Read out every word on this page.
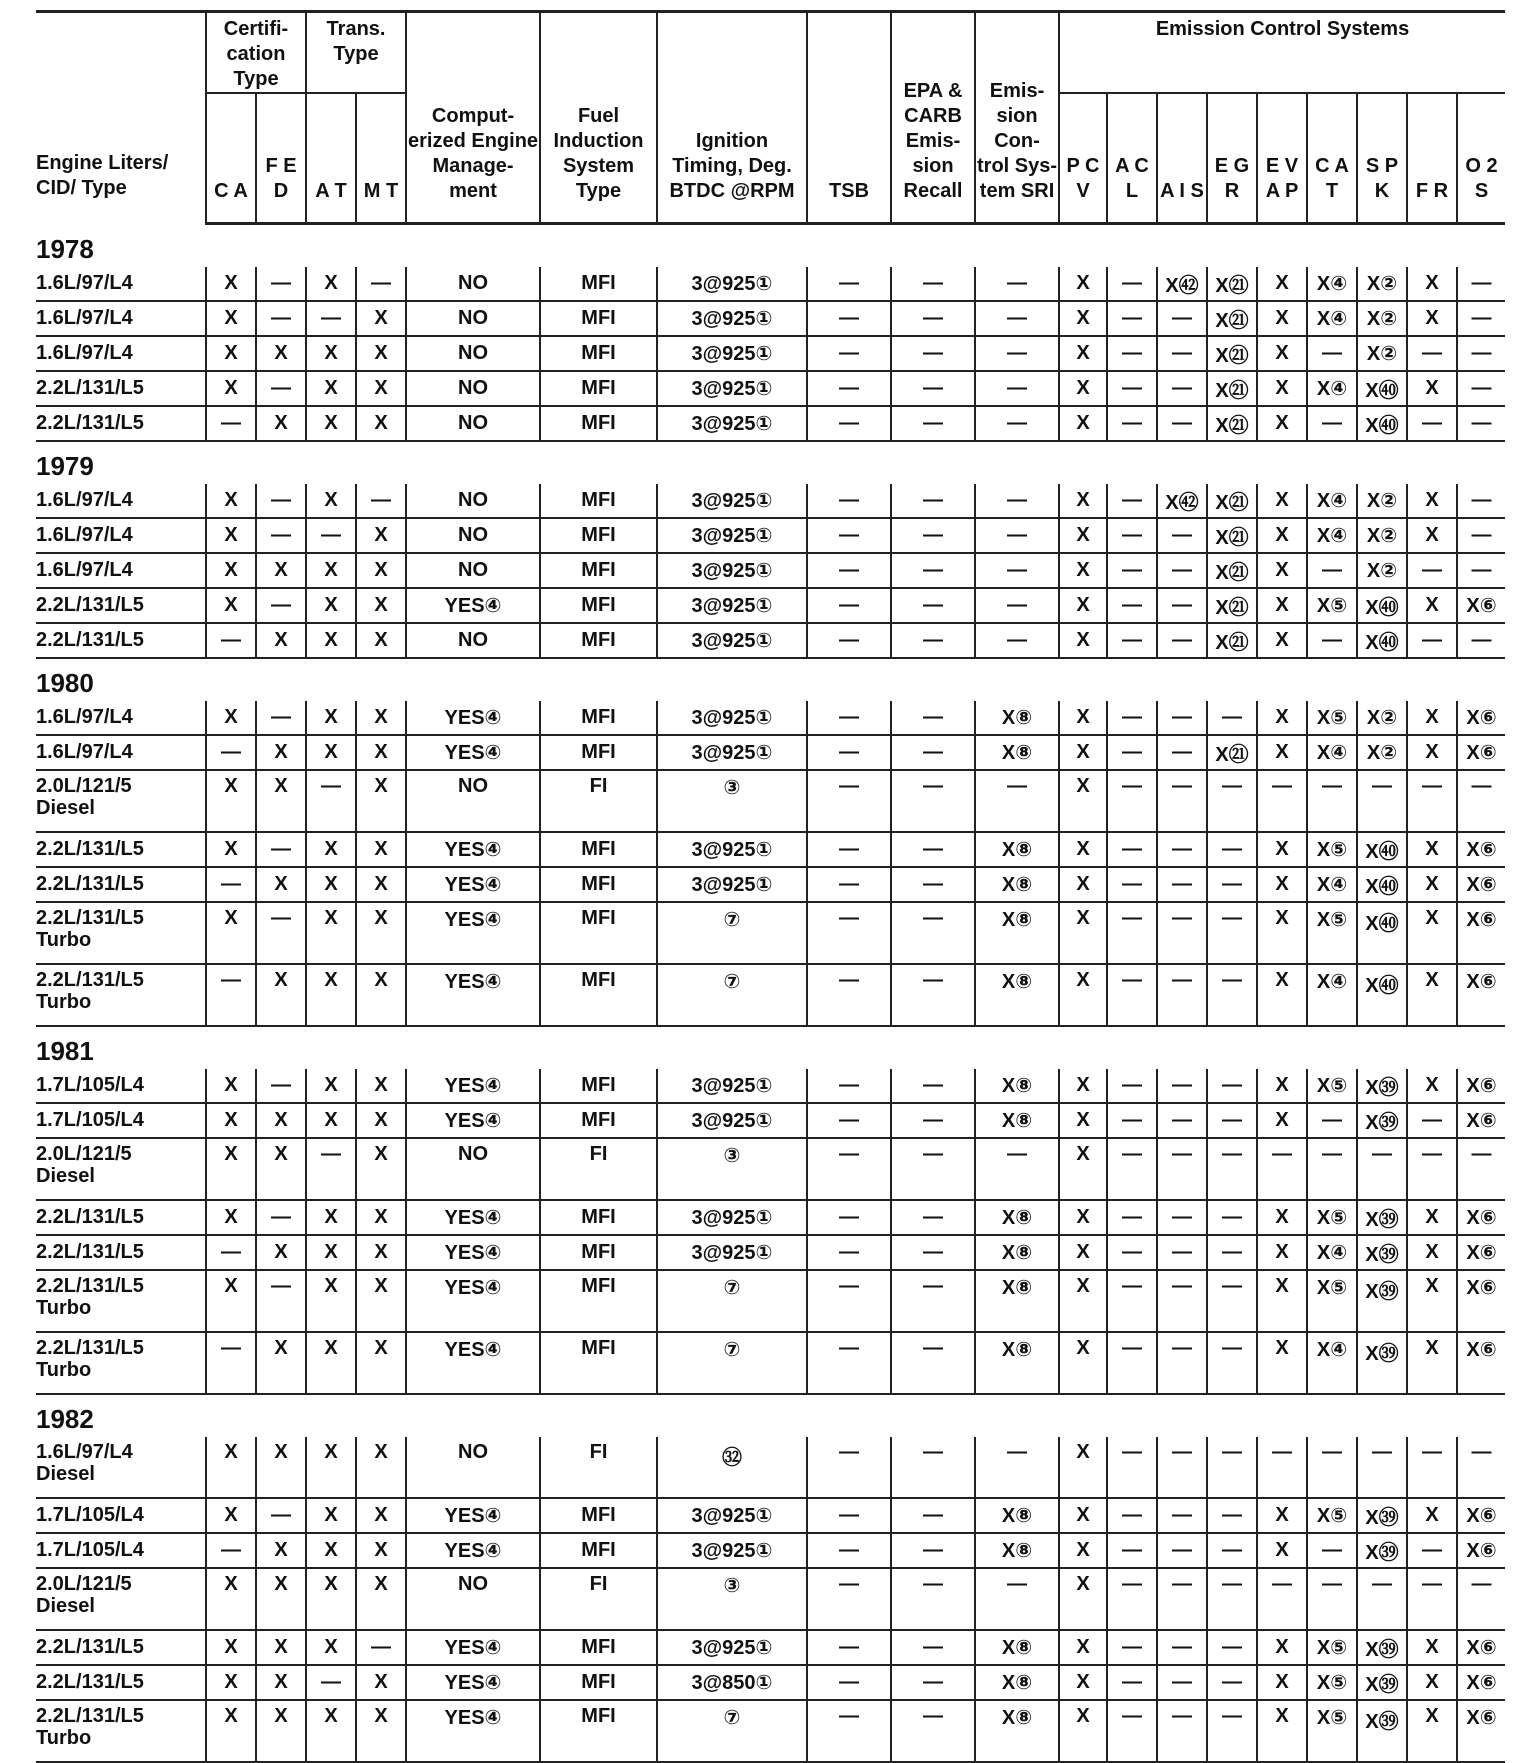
Engine Liters/ CID/ Type	Certifi- cation Type		Trans. Type		Comput- erized Engine Manage- ment	Fuel Induction System Type	Ignition Timing, Deg. BTDC @RPM	TSB	EPA & CARB Emis- sion Recall	Emis- sion Con- trol Sys- tem SRI	Emission Control Systems								
	C A	F E D	A T	M T							P C V	A C L	A I S	E G R	E V A P	C A T	S P K	F R	O 2 S
1978																			

1.6L/97/L4	X	—	X	—	NO	MFI	3@925①	—	—	—	X	—	X㊷	X㉑	X	X④	X②	X	—

1.6L/97/L4	X	—	—	X	NO	MFI	3@925①	—	—	—	X	—	—	X㉑	X	X④	X②	X	—

1.6L/97/L4	X	X	X	X	NO	MFI	3@925①	—	—	—	X	—	—	X㉑	X	—	X②	—	—

2.2L/131/L5	X	—	X	X	NO	MFI	3@925①	—	—	—	X	—	—	X㉑	X	X④	X㊵	X	—

2.2L/131/L5	—	X	X	X	NO	MFI	3@925①	—	—	—	X	—	—	X㉑	X	—	X㊵	—	—
1979																			

1.6L/97/L4	X	—	X	—	NO	MFI	3@925①	—	—	—	X	—	X㊷	X㉑	X	X④	X②	X	—

1.6L/97/L4	X	—	—	X	NO	MFI	3@925①	—	—	—	X	—	—	X㉑	X	X④	X②	X	—

1.6L/97/L4	X	X	X	X	NO	MFI	3@925①	—	—	—	X	—	—	X㉑	X	—	X②	—	—

2.2L/131/L5	X	—	X	X	YES④	MFI	3@925①	—	—	—	X	—	—	X㉑	X	X⑤	X㊵	X	X⑥

2.2L/131/L5	—	X	X	X	NO	MFI	3@925①	—	—	—	X	—	—	X㉑	X	—	X㊵	—	—
1980																			

1.6L/97/L4	X	—	X	X	YES④	MFI	3@925①	—	—	X⑧	X	—	—	—	X	X⑤	X②	X	X⑥

1.6L/97/L4	—	X	X	X	YES④	MFI	3@925①	—	—	X⑧	X	—	—	X㉑	X	X④	X②	X	X⑥

2.0L/121/5
Diesel	X	X	—	X	NO	FI	③	—	—	—	X	—	—	—	—	—	—	—	—

2.2L/131/L5	X	—	X	X	YES④	MFI	3@925①	—	—	X⑧	X	—	—	—	X	X⑤	X㊵	X	X⑥

2.2L/131/L5	—	X	X	X	YES④	MFI	3@925①	—	—	X⑧	X	—	—	—	X	X④	X㊵	X	X⑥

2.2L/131/L5
Turbo	X	—	X	X	YES④	MFI	⑦	—	—	X⑧	X	—	—	—	X	X⑤	X㊵	X	X⑥

2.2L/131/L5
Turbo	—	X	X	X	YES④	MFI	⑦	—	—	X⑧	X	—	—	—	X	X④	X㊵	X	X⑥
1981																			

1.7L/105/L4	X	—	X	X	YES④	MFI	3@925①	—	—	X⑧	X	—	—	—	X	X⑤	X㊴	X	X⑥

1.7L/105/L4	X	X	X	X	YES④	MFI	3@925①	—	—	X⑧	X	—	—	—	X	—	X㊴	—	X⑥

2.0L/121/5
Diesel	X	X	—	X	NO	FI	③	—	—	—	X	—	—	—	—	—	—	—	—

2.2L/131/L5	X	—	X	X	YES④	MFI	3@925①	—	—	X⑧	X	—	—	—	X	X⑤	X㊴	X	X⑥

2.2L/131/L5	—	X	X	X	YES④	MFI	3@925①	—	—	X⑧	X	—	—	—	X	X④	X㊴	X	X⑥

2.2L/131/L5
Turbo	X	—	X	X	YES④	MFI	⑦	—	—	X⑧	X	—	—	—	X	X⑤	X㊴	X	X⑥

2.2L/131/L5
Turbo	—	X	X	X	YES④	MFI	⑦	—	—	X⑧	X	—	—	—	X	X④	X㊴	X	X⑥
1982																			

1.6L/97/L4
Diesel	X	X	X	X	NO	FI	㉜	—	—	—	X	—	—	—	—	—	—	—	—

1.7L/105/L4	X	—	X	X	YES④	MFI	3@925①	—	—	X⑧	X	—	—	—	X	X⑤	X㊴	X	X⑥

1.7L/105/L4	—	X	X	X	YES④	MFI	3@925①	—	—	X⑧	X	—	—	—	X	—	X㊴	—	X⑥

2.0L/121/5
Diesel	X	X	X	X	NO	FI	③	—	—	—	X	—	—	—	—	—	—	—	—

2.2L/131/L5	X	X	X	—	YES④	MFI	3@925①	—	—	X⑧	X	—	—	—	X	X⑤	X㊴	X	X⑥

2.2L/131/L5	X	X	—	X	YES④	MFI	3@850①	—	—	X⑧	X	—	—	—	X	X⑤	X㊴	X	X⑥

2.2L/131/L5
Turbo	X	X	X	X	YES④	MFI	⑦	—	—	X⑧	X	—	—	—	X	X⑤	X㊴	X	X⑥
